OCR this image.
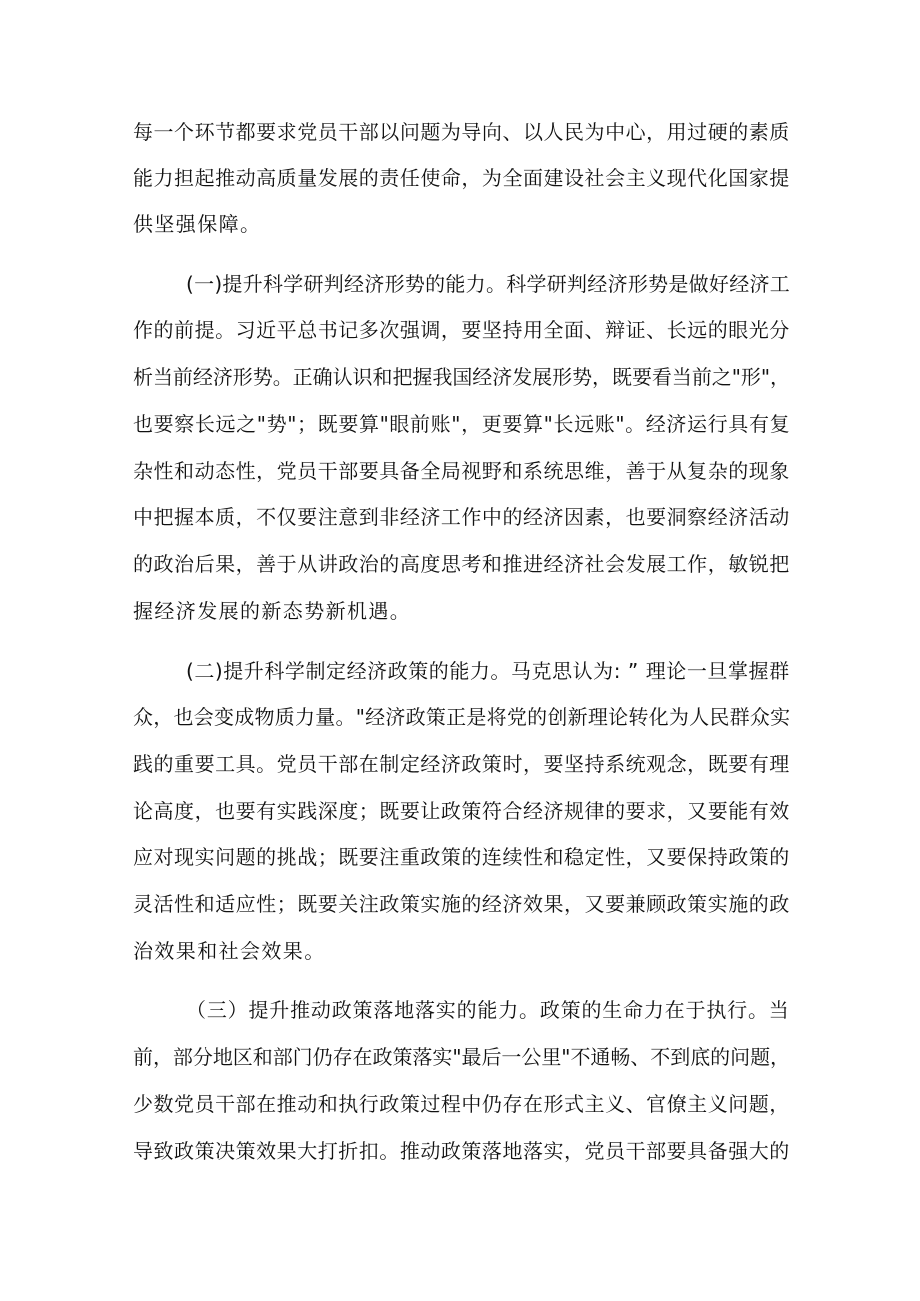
每一个环节都要求党员干部以问题为导向、以人民为中心，用过硬的素质
能力担起推动高质量发展的责任使命，为全面建设社会主义现代化国家提
供坚强保障。
(一)提升科学研判经济形势的能力。科学研判经济形势是做好经济工
作的前提。习近平总书记多次强调，要坚持用全面、辩证、长远的眼光分
析当前经济形势。正确认识和把握我国经济发展形势，既要看当前之"形"，
也要察长远之"势"；既要算"眼前账"，更要算"长远账"。经济运行具有复
杂性和动态性，党员干部要具备全局视野和系统思维，善于从复杂的现象
中把握本质，不仅要注意到非经济工作中的经济因素，也要洞察经济活动
的政治后果，善于从讲政治的高度思考和推进经济社会发展工作，敏锐把
握经济发展的新态势新机遇。
(二)提升科学制定经济政策的能力。马克思认为: ” 理论一旦掌握群
众，也会变成物质力量。"经济政策正是将党的创新理论转化为人民群众实
践的重要工具。党员干部在制定经济政策时，要坚持系统观念，既要有理
论高度，也要有实践深度；既要让政策符合经济规律的要求，又要能有效
应对现实问题的挑战；既要注重政策的连续性和稳定性，又要保持政策的
灵活性和适应性；既要关注政策实施的经济效果，又要兼顾政策实施的政
治效果和社会效果。
（三）提升推动政策落地落实的能力。政策的生命力在于执行。当
前，部分地区和部门仍存在政策落实"最后一公里"不通畅、不到底的问题，
少数党员干部在推动和执行政策过程中仍存在形式主义、官僚主义问题，
导致政策决策效果大打折扣。推动政策落地落实，党员干部要具备强大的
